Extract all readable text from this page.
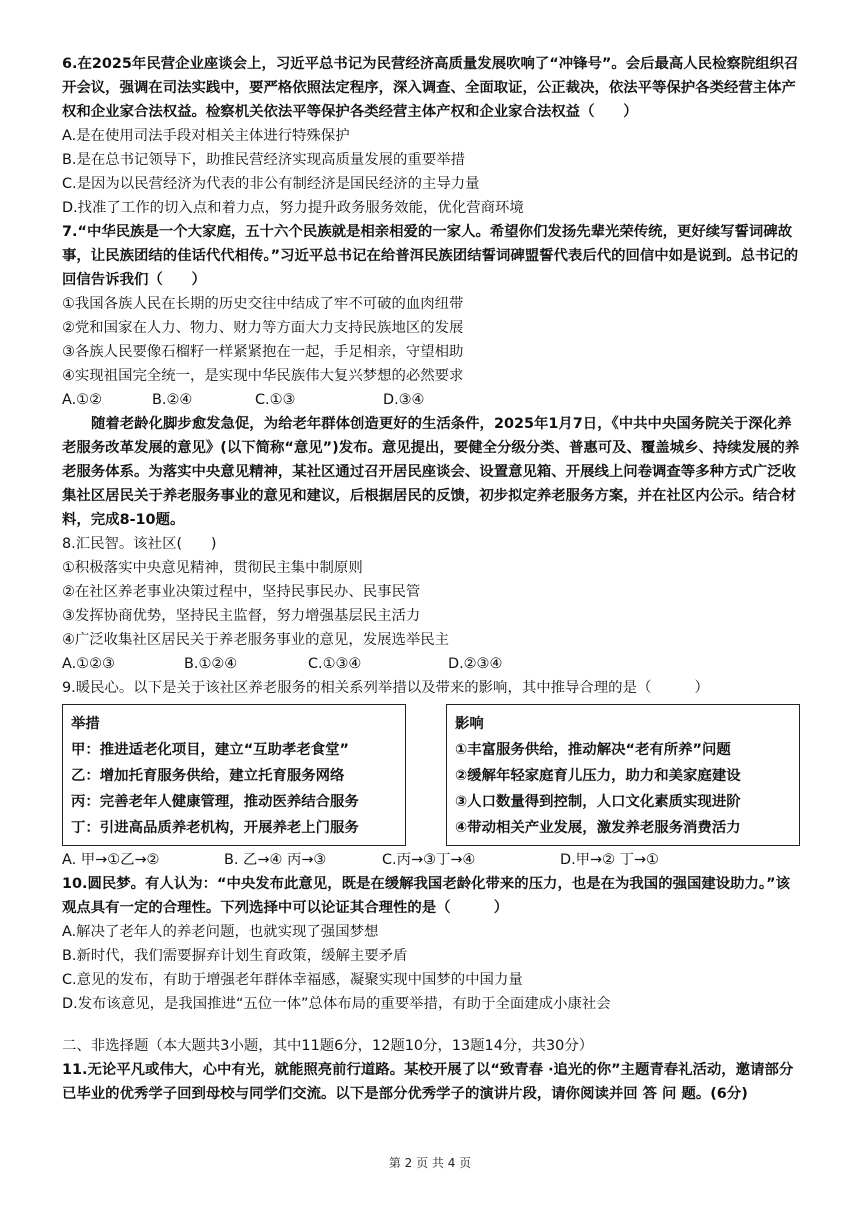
6.在2025年民营企业座谈会上，习近平总书记为民营经济高质量发展吹响了“冲锋号”。会后最高人民检察院组织召开会议，强调在司法实践中，要严格依照法定程序，深入调查、全面取证，公正裁决，依法平等保护各类经营主体产权和企业家合法权益。检察机关依法平等保护各类经营主体产权和企业家合法权益（　　）

A.是在使用司法手段对相关主体进行特殊保护

B.是在总书记领导下，助推民营经济实现高质量发展的重要举措

C.是因为以民营经济为代表的非公有制经济是国民经济的主导力量

D.找准了工作的切入点和着力点，努力提升政务服务效能，优化营商环境

7.“中华民族是一个大家庭，五十六个民族就是相亲相爱的一家人。希望你们发扬先辈光荣传统，更好续写誓词碑故事，让民族团结的佳话代代相传。”习近平总书记在给普洱民族团结誓词碑盟誓代表后代的回信中如是说到。总书记的回信告诉我们（　　）

①我国各族人民在长期的历史交往中结成了牢不可破的血肉纽带

②党和国家在人力、物力、财力等方面大力支持民族地区的发展

③各族人民要像石榴籽一样紧紧抱在一起，手足相亲，守望相助

④实现祖国完全统一，是实现中华民族伟大复兴梦想的必然要求

A.①②	B.②④	C.①③	D.③④

随着老龄化脚步愈发急促，为给老年群体创造更好的生活条件，2025年1月7日，《中共中央国务院关于深化养老服务改革发展的意见》(以下简称“意见”)发布。意见提出，要健全分级分类、普惠可及、覆盖城乡、持续发展的养老服务体系。为落实中央意见精神，某社区通过召开居民座谈会、设置意见箱、开展线上问卷调查等多种方式广泛收集社区居民关于养老服务事业的意见和建议，后根据居民的反馈，初步拟定养老服务方案，并在社区内公示。结合材料，完成8-10题。

8.汇民智。该社区(　　)

①积极落实中央意见精神，贯彻民主集中制原则

②在社区养老事业决策过程中，坚持民事民办、民事民管

③发挥协商优势，坚持民主监督，努力增强基层民主活力

④广泛收集社区居民关于养老服务事业的意见，发展选举民主

A.①②③	B.①②④	C.①③④	D.②③④

9.暖民心。以下是关于该社区养老服务的相关系列举措以及带来的影响，其中推导合理的是（　　　）

举措

甲：推进适老化项目，建立“互助孝老食堂”

乙：增加托育服务供给，建立托育服务网络

丙：完善老年人健康管理，推动医养结合服务

丁：引进高品质养老机构，开展养老上门服务

影响

①丰富服务供给，推动解决“老有所养”问题

②缓解年轻家庭育儿压力，助力和美家庭建设

③人口数量得到控制，人口文化素质实现进阶

④带动相关产业发展，激发养老服务消费活力

A. 甲→①乙→②	B. 乙→④ 丙→③	C.丙→③丁→④	D.甲→② 丁→①

10.圆民梦。有人认为：“中央发布此意见，既是在缓解我国老龄化带来的压力，也是在为我国的强国建设助力。”该观点具有一定的合理性。下列选择中可以论证其合理性的是（　　　）

A.解决了老年人的养老问题，也就实现了强国梦想

B.新时代，我们需要摒弃计划生育政策，缓解主要矛盾

C.意见的发布，有助于增强老年群体幸福感，凝聚实现中国梦的中国力量

D.发布该意见，是我国推进“五位一体”总体布局的重要举措，有助于全面建成小康社会

二、非选择题（本大题共3小题，其中11题6分，12题10分，13题14分，共30分）

11.无论平凡或伟大，心中有光，就能照亮前行道路。某校开展了以“致青春 ·追光的你”主题青春礼活动，邀请部分已毕业的优秀学子回到母校与同学们交流。以下是部分优秀学子的演讲片段，请你阅读并回 答 问 题。(6分)

第 2 页 共 4 页
